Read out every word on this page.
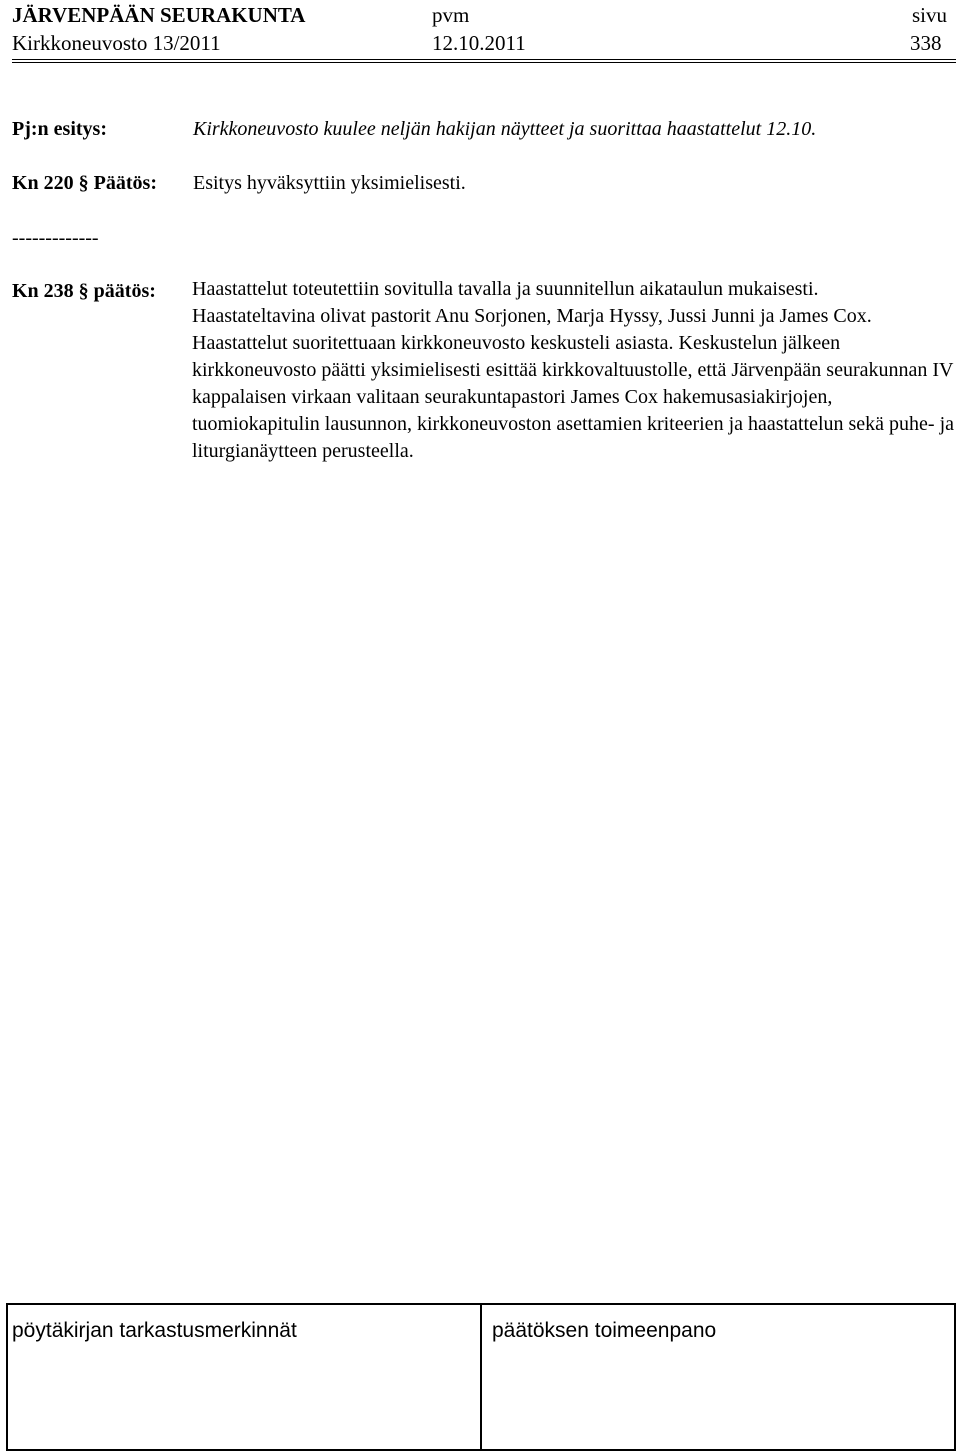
JÄRVENPÄÄN SEURAKUNTA	pvm	sivu
Kirkkoneuvosto 13/2011	12.10.2011	338
Pj:n esitys:	Kirkkoneuvosto kuulee neljän hakijan näytteet ja suorittaa haastattelut 12.10.
Kn 220 § Päätös: Esitys hyväksyttiin yksimielisesti.
-------------
Kn 238 § päätös: Haastattelut toteutettiin sovitulla tavalla ja suunnitellun aikataulun mukaisesti.

Haastateltavina olivat pastorit Anu Sorjonen, Marja Hyssy, Jussi Junni ja James Cox.

Haastattelut suoritettuaan kirkkoneuvosto keskusteli asiasta. Keskustelun jälkeen kirkkoneuvosto päätti yksimielisesti esittää kirkkovaltuustolle, että Järvenpään seurakunnan IV kappalaisen virkaan valitaan seurakuntapastori James Cox hakemusasiakirjojen, tuomiokapitulin lausunnon, kirkkoneuvoston asettamien kriteerien ja haastattelun sekä puhe- ja liturgianäytteen perusteella.

pöytäkirjan tarkastusmerkinnät	päätöksen toimeenpano
